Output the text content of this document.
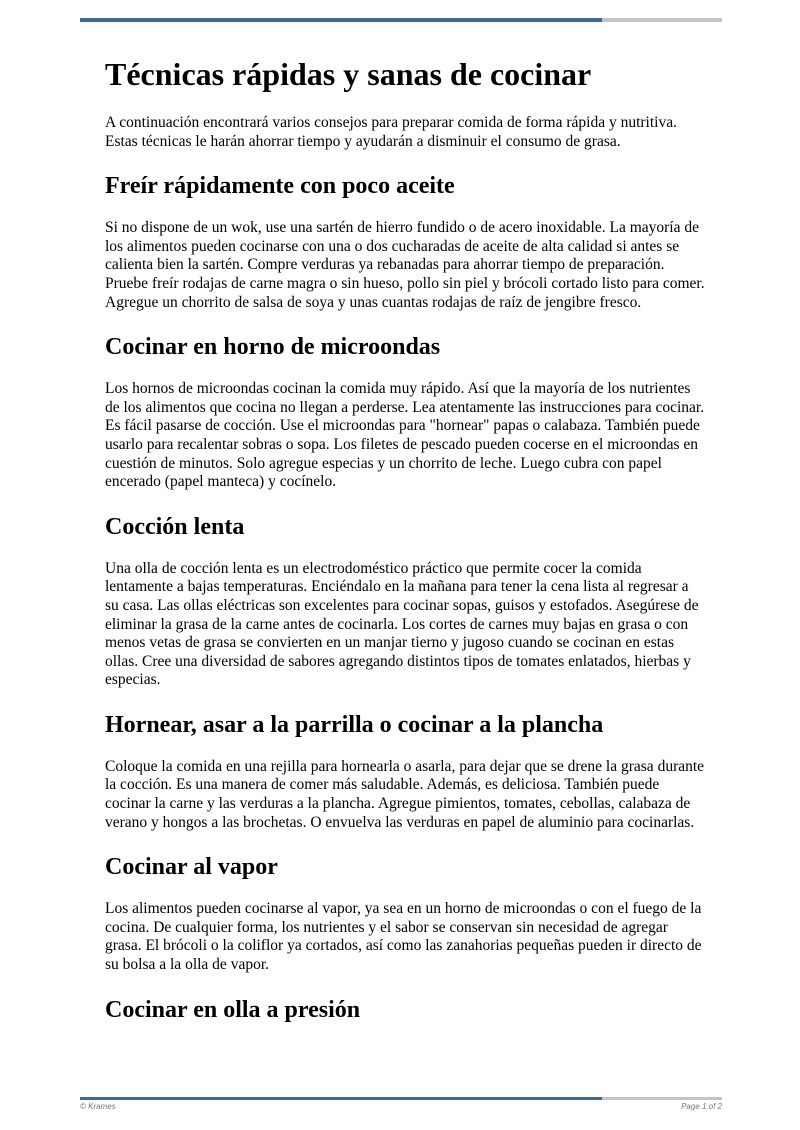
Técnicas rápidas y sanas de cocinar

A continuación encontrará varios consejos para preparar comida de forma rápida y nutritiva. Estas técnicas le harán ahorrar tiempo y ayudarán a disminuir el consumo de grasa.

Freír rápidamente con poco aceite

Si no dispone de un wok, use una sartén de hierro fundido o de acero inoxidable. La mayoría de los alimentos pueden cocinarse con una o dos cucharadas de aceite de alta calidad si antes se calienta bien la sartén. Compre verduras ya rebanadas para ahorrar tiempo de preparación. Pruebe freír rodajas de carne magra o sin hueso, pollo sin piel y brócoli cortado listo para comer. Agregue un chorrito de salsa de soya y unas cuantas rodajas de raíz de jengibre fresco.

Cocinar en horno de microondas

Los hornos de microondas cocinan la comida muy rápido. Así que la mayoría de los nutrientes de los alimentos que cocina no llegan a perderse. Lea atentamente las instrucciones para cocinar. Es fácil pasarse de cocción. Use el microondas para "hornear" papas o calabaza. También puede usarlo para recalentar sobras o sopa. Los filetes de pescado pueden cocerse en el microondas en cuestión de minutos. Solo agregue especias y un chorrito de leche. Luego cubra con papel encerado (papel manteca) y cocínelo.

Cocción lenta

Una olla de cocción lenta es un electrodoméstico práctico que permite cocer la comida lentamente a bajas temperaturas. Enciéndalo en la mañana para tener la cena lista al regresar a su casa. Las ollas eléctricas son excelentes para cocinar sopas, guisos y estofados. Asegúrese de eliminar la grasa de la carne antes de cocinarla. Los cortes de carnes muy bajas en grasa o con menos vetas de grasa se convierten en un manjar tierno y jugoso cuando se cocinan en estas ollas. Cree una diversidad de sabores agregando distintos tipos de tomates enlatados, hierbas y especias.

Hornear, asar a la parrilla o cocinar a la plancha

Coloque la comida en una rejilla para hornearla o asarla, para dejar que se drene la grasa durante la cocción. Es una manera de comer más saludable. Además, es deliciosa. También puede cocinar la carne y las verduras a la plancha. Agregue pimientos, tomates, cebollas, calabaza de verano y hongos a las brochetas. O envuelva las verduras en papel de aluminio para cocinarlas.

Cocinar al vapor

Los alimentos pueden cocinarse al vapor, ya sea en un horno de microondas o con el fuego de la cocina. De cualquier forma, los nutrientes y el sabor se conservan sin necesidad de agregar grasa. El brócoli o la coliflor ya cortados, así como las zanahorias pequeñas pueden ir directo de su bolsa a la olla de vapor.

Cocinar en olla a presión
© Krames	Page 1 of 2
